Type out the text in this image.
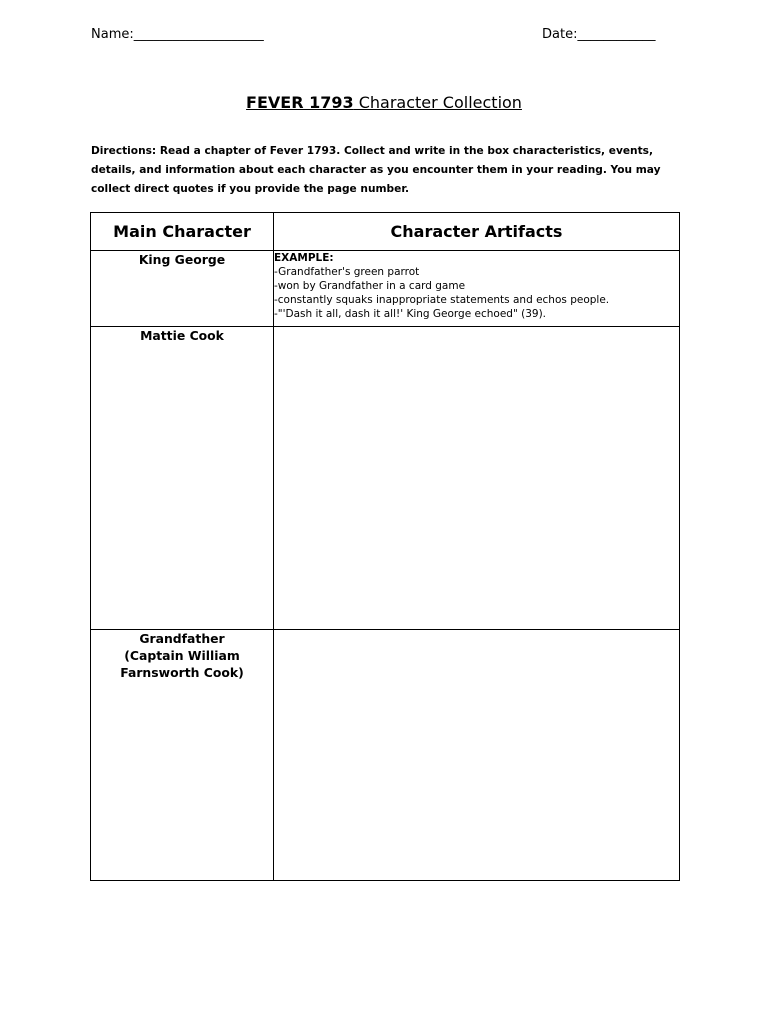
Name:____________________	Date:____________
FEVER 1793 Character Collection
Directions: Read a chapter of Fever 1793. Collect and write in the box characteristics, events, details, and information about each character as you encounter them in your reading. You may collect direct quotes if you provide the page number.
Main Character	Character Artifacts

King George	EXAMPLE:
-Grandfather's green parrot
-won by Grandfather in a card game
-constantly squaks inappropriate statements and echos people.
-"'Dash it all, dash it all!' King George echoed" (39).

Mattie Cook	

Grandfather
(Captain William
Farnsworth Cook)	
